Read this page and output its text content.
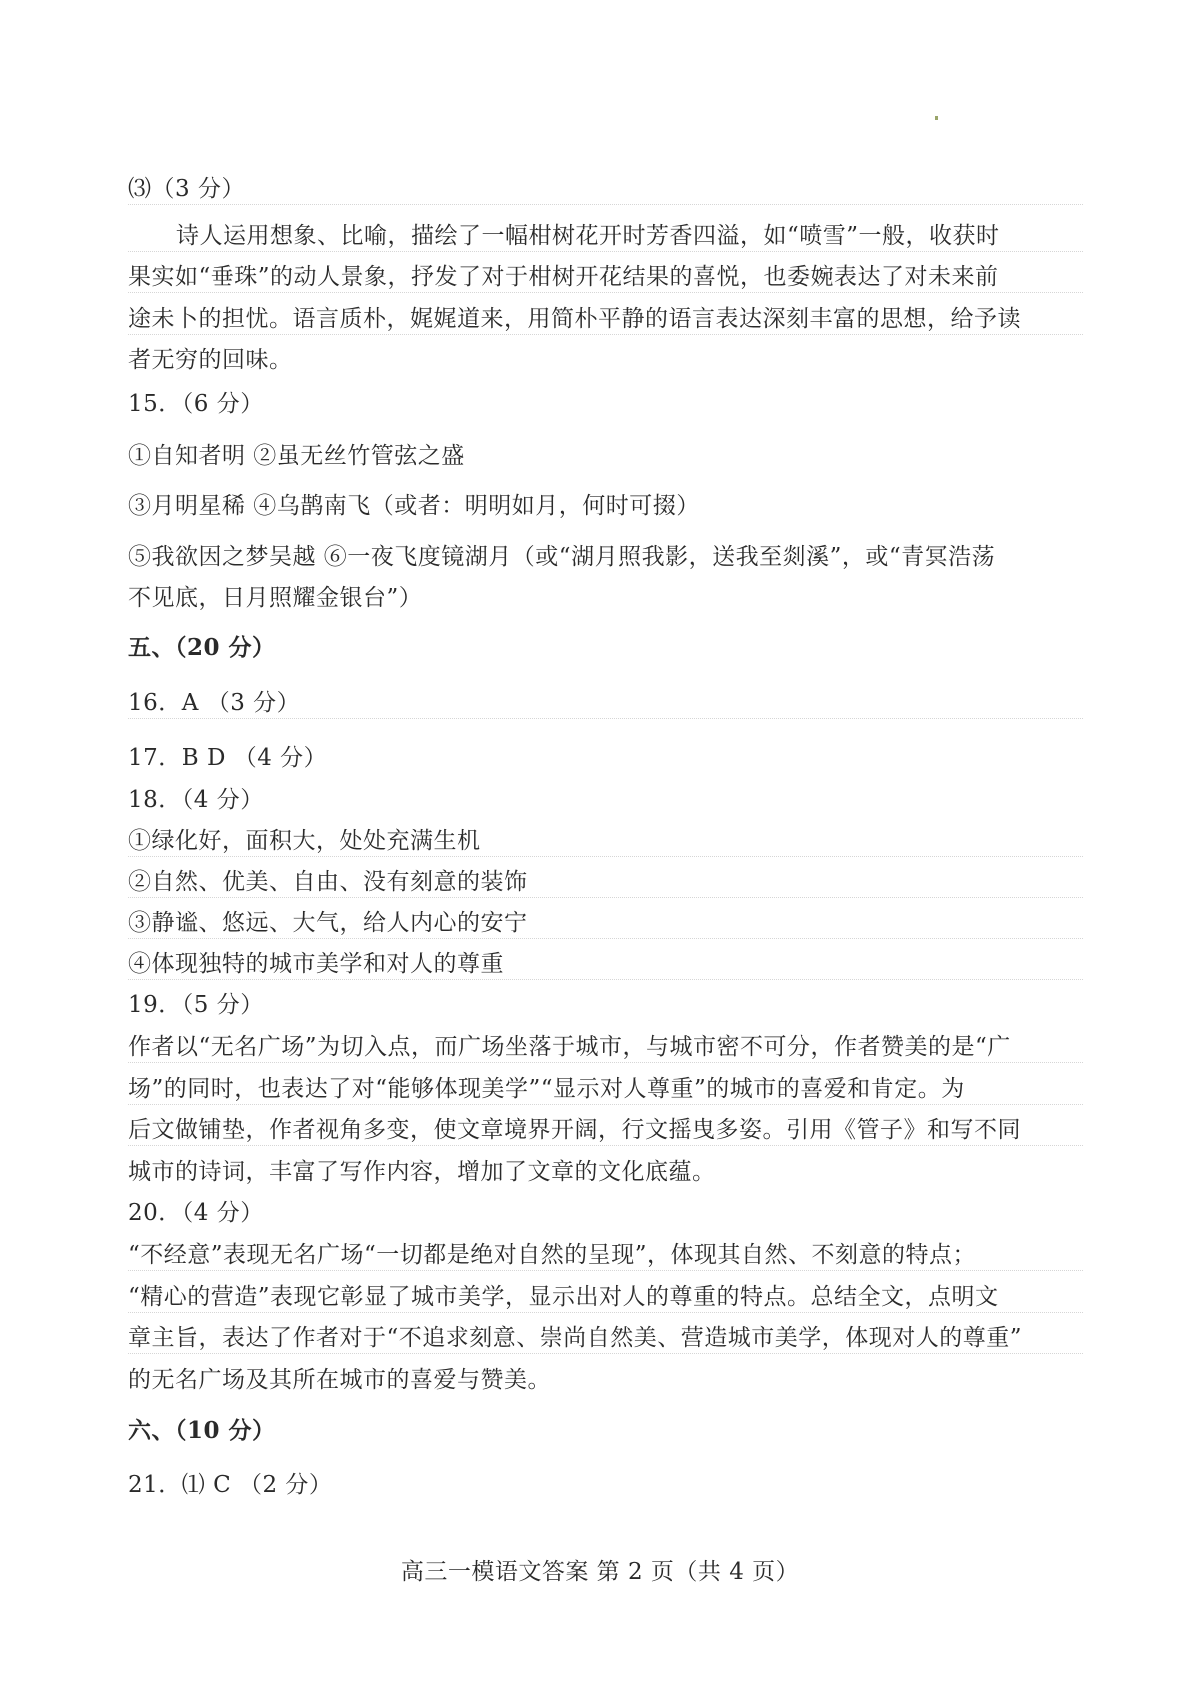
⑶（3 分）
诗人运用想象、比喻，描绘了一幅柑树花开时芳香四溢，如“喷雪”一般，收获时
果实如“垂珠”的动人景象，抒发了对于柑树开花结果的喜悦，也委婉表达了对未来前
途未卜的担忧。语言质朴，娓娓道来，用简朴平静的语言表达深刻丰富的思想，给予读
者无穷的回味。
15．（6 分）
①自知者明 ②虽无丝竹管弦之盛
③月明星稀 ④乌鹊南飞（或者：明明如月，何时可掇）
⑤我欲因之梦吴越 ⑥一夜飞度镜湖月（或“湖月照我影，送我至剡溪”，或“青冥浩荡
不见底，日月照耀金银台”）
五、（20 分）
16．A （3 分）
17．B D （4 分）
18．（4 分）
①绿化好，面积大，处处充满生机
②自然、优美、自由、没有刻意的装饰
③静谧、悠远、大气，给人内心的安宁
④体现独特的城市美学和对人的尊重
19．（5 分）
作者以“无名广场”为切入点，而广场坐落于城市，与城市密不可分，作者赞美的是“广
场”的同时，也表达了对“能够体现美学”“显示对人尊重”的城市的喜爱和肯定。为
后文做铺垫，作者视角多变，使文章境界开阔，行文摇曳多姿。引用《管子》和写不同
城市的诗词，丰富了写作内容，增加了文章的文化底蕴。
20．（4 分）
“不经意”表现无名广场“一切都是绝对自然的呈现”，体现其自然、不刻意的特点；
“精心的营造”表现它彰显了城市美学，显示出对人的尊重的特点。总结全文，点明文
章主旨，表达了作者对于“不追求刻意、崇尚自然美、营造城市美学，体现对人的尊重”
的无名广场及其所在城市的喜爱与赞美。
六、（10 分）
21．⑴ C （2 分）
高三一模语文答案 第 2 页（共 4 页）
